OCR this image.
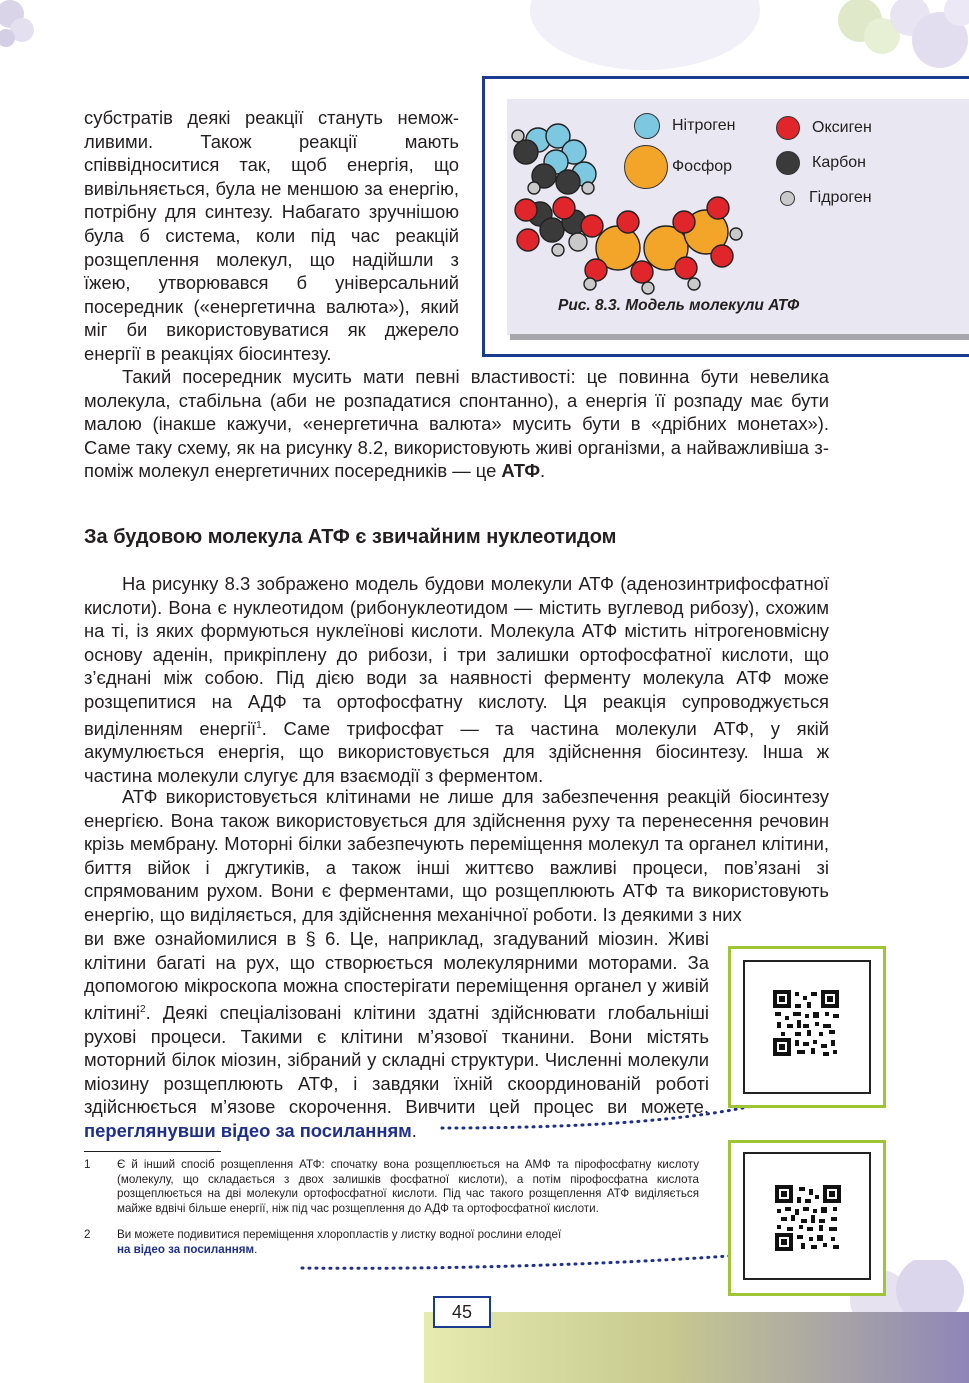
субстратів деякі реакції стануть немож-ливими. Також реакції мають співвідноситися так, щоб енергія, що вивільняється, була не меншою за енергію, потрібну для синтезу. Набагато зручнішою була б система, коли під час реакцій розщеплення молекул, що надійшли з їжею, утворювався б універсальний посередник («енергетична валюта»), який міг би використовуватися як джерело енергії в реакціях біосинтезу.

Нітроген
Фосфор
Оксиген
Карбон
Гідроген
Рис. 8.3. Модель молекули АТФ

Такий посередник мусить мати певні властивості: це повинна бути невелика молекула, стабільна (аби не розпадатися спонтанно), а енергія її розпаду має бути малою (інакше кажучи, «енергетична валюта» мусить бути в «дрібних монетах»). Саме таку схему, як на рисунку 8.2, використовують живі організми, а найважливіша з-поміж молекул енергетичних посередників — це АТФ.

За будовою молекула АТФ є звичайним нуклеотидом

На рисунку 8.3 зображено модель будови молекули АТФ (аденозинтрифосфатної кислоти). Вона є нуклеотидом (рибонуклеотидом — містить вуглевод рибозу), схожим на ті, із яких формуються нуклеїнові кислоти. Молекула АТФ містить нітрогеновмісну основу аденін, прикріплену до рибози, і три залишки ортофосфатної кислоти, що з’єднані між собою. Під дією води за наявності ферменту молекула АТФ може розщепитися на АДФ та ортофосфатну кислоту. Ця реакція супроводжується виділенням енергії$^1$. Саме трифосфат — та частина молекули АТФ, у якій акумулюється енергія, що використовується для здійснення біосинтезу. Інша ж частина молекули слугує для взаємодії з ферментом.

АТФ використовується клітинами не лише для забезпечення реакцій біосинтезу енергією. Вона також використовується для здійснення руху та перенесення речовин крізь мембрану. Моторні білки забезпечують переміщення молекул та органел клітини, биття війок і джгутиків, а також інші життєво важливі процеси, пов’язані зі спрямованим рухом. Вони є ферментами, що розщеплюють АТФ та використовують енергію, що виділяється, для здійснення механічної роботи. Із деякими з них

ви вже ознайомилися в § 6. Це, наприклад, згадуваний міозин. Живі клітини багаті на рух, що створюється молекулярними моторами. За допомогою мікроскопа можна спостерігати переміщення органел у живій клітині$^2$. Деякі спеціалізовані клітини здатні здійснювати глобальніші рухові процеси. Такими є клітини м’язової тканини. Вони містять моторний білок міозин, зібраний у складні структури. Численні молекули міозину розщеплюють АТФ, і завдяки їхній скоординованій роботі здійснюється м’язове скорочення. Вивчити цей процес ви можете, переглянувши відео за посиланням.

1 Є й інший спосіб розщеплення АТФ: спочатку вона розщеплюється на АМФ та пірофосфатну кислоту (молекулу, що складається з двох залишків фосфатної кислоти), а потім пірофосфатна кислота розщеплюється на дві молекули ортофосфатної кислоти. Під час такого розщеплення АТФ виділяється майже вдвічі більше енергії, ніж під час розщеплення до АДФ та ортофосфатної кислоти.
2 Ви можете подивитися переміщення хлоропластів у листку водної рослини елодеї
на відео за посиланням.
45
